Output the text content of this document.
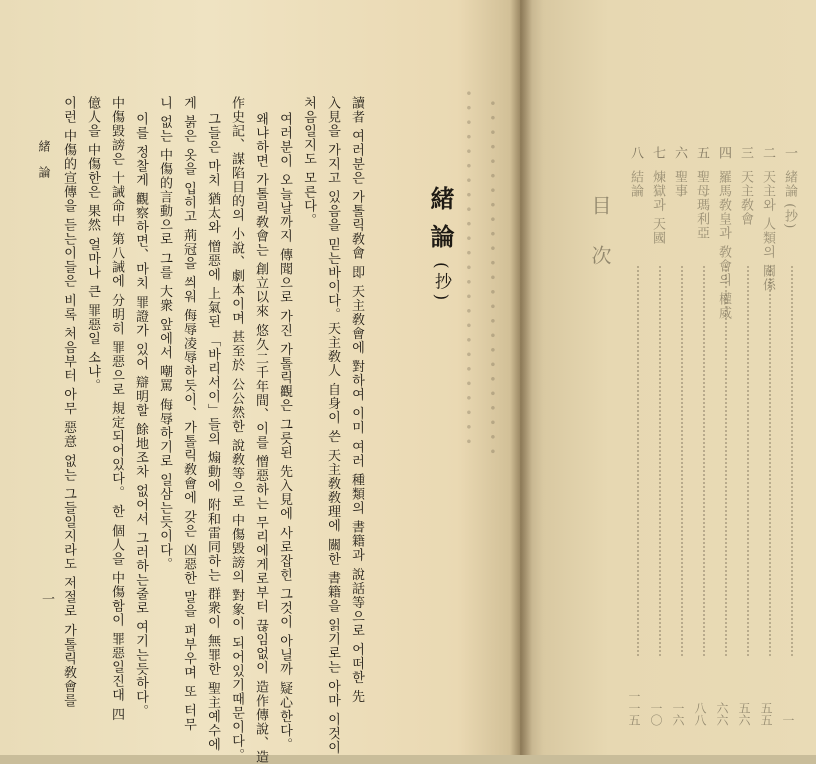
緒論
一 이런 中傷的宣傳을 듣는이들은 비록 처음부터 아무 惡意 없는 그들일지라도 저절로 가톨릭敎會를 億人을 中傷한은 果然 얼마나 큰 罪惡일 소냐。 中傷毀謗은 十誡命中 第八誡에 分明히 罪惡으로 規定되어있다。 한 個人을 中傷함이 罪惡일진대 四 이를 정찰게 觀察하면、마치 罪證가 있어 辯明할 餘地조차 없어서 그러하는줄로 여기는듯하다。 니 없는 中傷的言動으로 그를 大衆 앞에서 嘲罵 侮辱하기로 일삼는듯이다。 게 붉은 옷을 입히고 荊冠을 씌워 侮辱凌辱하듯이、가톨릭敎會에 갖은 凶惡한 말을 퍼부우며 또 터무 그들은 마치 猶太와 憎惡에 上氣된 「바리서이」들의 煽動에 附和雷同하는 群衆이 無罪한 聖主예수에 作史記、謀陷目的의 小說、劇本이며 甚至於 公公然한 說敎等으로 中傷毀謗의 對象이 되어있기때문이다。 왜냐하면 가톨릭敎會는 創立以來 悠久二千年間、이를 憎惡하는 무리에게로부터 끊임없이 造作傳說、造 여러분이 오늘날까지 傳聞으로 가진 가톨릭觀은 그릇된 先入見에 사로잡힌 그것이 아닐까 疑心한다。 처음일지도 모른다。 入見을 가지고 있음을 믿는바이다。天主敎人 自身이 쓴 天主敎敎理에 關한 書籍을 읽기로는 아마 이것이 讀者 여러분은 가톨릭敎會 即 天主敎會에 對하여 이미 여러 種類의 書籍과 說話等으로 어떠한 先	緒論
(抄) ∙ ∙ ∙ ∙ ∙ ∙ ∙ ∙ ∙ ∙ ∙ ∙ ∙ ∙ ∙ ∙ ∙ ∙ ∙ ∙ ∙ ∙ ∙ ∙ ∙ ∙ ∙ ∙ ∙ ∙ ∙ ∙ ∙ ∙ ∙ ∙ ∙ ∙ ∙ ∙ ∙ ∙ ∙ ∙ ∙ ∙ ∙ ∙ ∙ ∙	目次
一
緒論 (抄)
一
二
天主와 人類의 關係
五五
三
天主敎會
五六
四
羅馬敎皇과 敎會의 權威
六六
五
聖母瑪利亞
八八
六
聖事
一六
七
煉獄과 天國
一〇
八
結論
一一五
